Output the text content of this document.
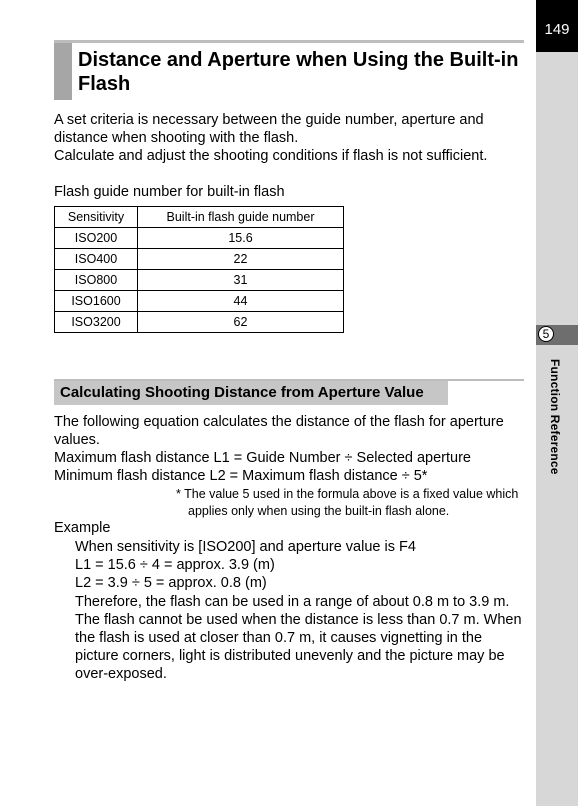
149
5
Function Reference
Distance and Aperture when Using the Built-in Flash
A set criteria is necessary between the guide number, aperture and distance when shooting with the flash.
Calculate and adjust the shooting conditions if flash is not sufficient.
Flash guide number for built-in flash
Sensitivity	Built-in flash guide number
ISO200	15.6
ISO400	22
ISO800	31
ISO1600	44
ISO3200	62
Calculating Shooting Distance from Aperture Value
The following equation calculates the distance of the flash for aperture values.
Maximum flash distance L1 = Guide Number ÷ Selected aperture
Minimum flash distance L2 = Maximum flash distance ÷ 5*
* The value 5 used in the formula above is a fixed value which applies only when using the built-in flash alone.
Example
When sensitivity is [ISO200] and aperture value is F4
L1 = 15.6 ÷ 4 = approx. 3.9 (m)
L2 = 3.9 ÷ 5 = approx. 0.8 (m)
Therefore, the flash can be used in a range of about 0.8 m to 3.9 m. The flash cannot be used when the distance is less than 0.7 m. When the flash is used at closer than 0.7 m, it causes vignetting in the picture corners, light is distributed unevenly and the picture may be over-exposed.
